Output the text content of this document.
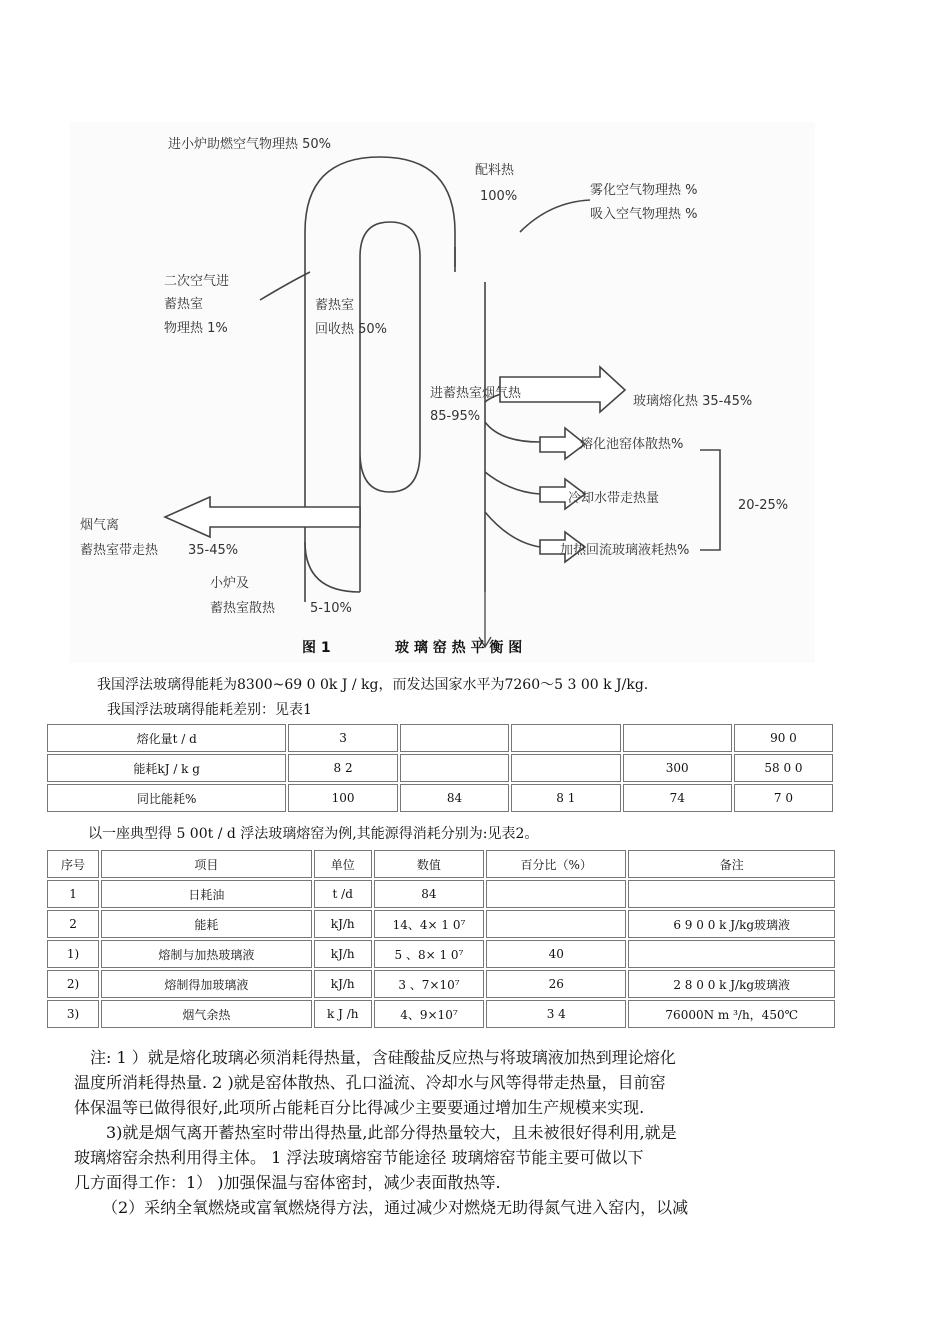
进小炉助燃空气物理热 50%
配料热
100%	雾化空气物理热 %
吸入空气物理热 %
二次空气进
蓄热室
物理热 1%
蓄热室
回收热 50%
进蓄热室烟气热
85-95%
玻璃熔化热 35-45%
熔化池窑体散热%
冷却水带走热量	20-25%
加热回流玻璃液耗热%
烟气离
蓄热室带走热 35-45%
小炉及
蓄热室散热	5-10%
图 1	玻 璃 窑 热 平 衡 图
我国浮法玻璃得能耗为8300~69 0 0k J / kg，而发达国家水平为7260～5 3 00 k J/kg.
我国浮法玻璃得能耗差别：见表1
熔化量t / d	3				90 0
能耗kJ / k g	8 2			300	58 0 0
同比能耗%	100	84	8 1	74	7 0
以一座典型得 5 00t / d 浮法玻璃熔窑为例,其能源得消耗分别为:见表2。
序号	项目	单位	数值	百分比（%）	备注
1	日耗油	t /d	84		
2	能耗	kJ/h	14、4× 1 0⁷		6 9 0 0 k J/kg玻璃液
1)	熔制与加热玻璃液	kJ/h	5 、8× 1 0⁷	40	
2)	熔制得加玻璃液	kJ/h	3 、7×10⁷	26	2 8 0 0 k J/kg玻璃液
3)	烟气余热	k J /h	4、9×10⁷	3 4	76000N m ³/h，450℃

注: 1 ）就是熔化玻璃必须消耗得热量，含硅酸盐反应热与将玻璃液加热到理论熔化

温度所消耗得热量. 2 )就是窑体散热、孔口溢流、冷却水与风等得带走热量，目前窑

体保温等已做得很好,此项所占能耗百分比得减少主要要通过增加生产规模来实现.

3)就是烟气离开蓄热室时带出得热量,此部分得热量较大，且未被很好得利用,就是

玻璃熔窑余热利用得主体。 1 浮法玻璃熔窑节能途径 玻璃熔窑节能主要可做以下

几方面得工作：1） )加强保温与窑体密封，减少表面散热等.

（2）采纳全氧燃烧或富氧燃烧得方法，通过减少对燃烧无助得氮气进入窑内，以减
